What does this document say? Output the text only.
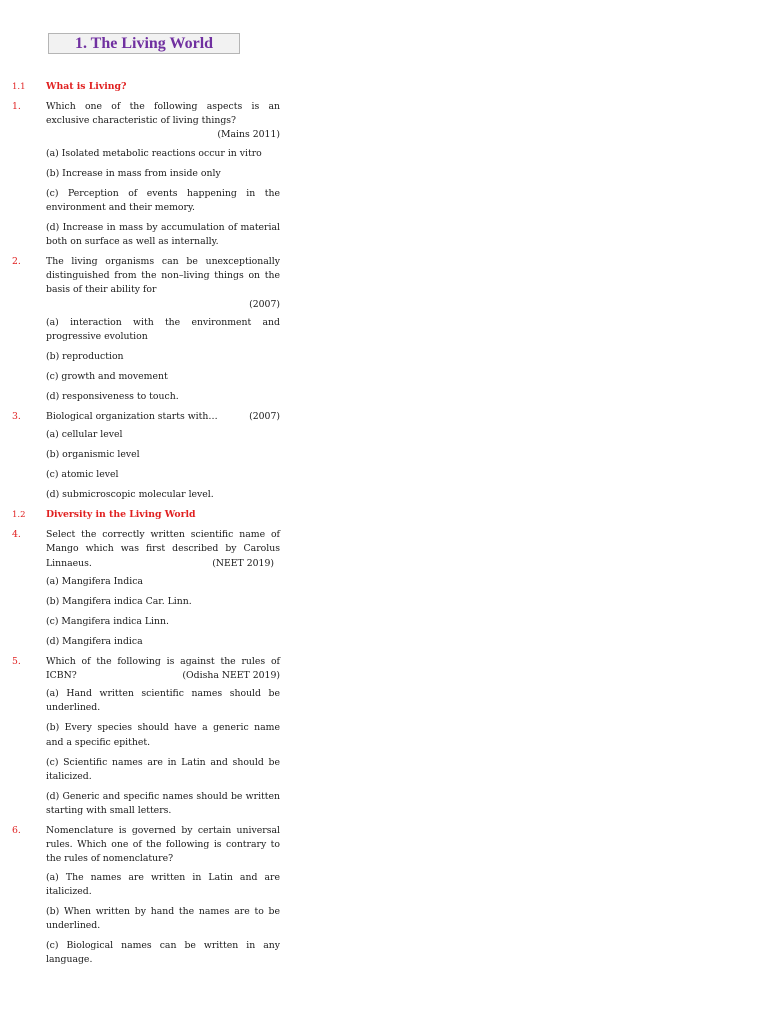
1. The Living World
1.1 What is Living?
1.	Which one of the following aspects is an exclusive characteristic of living things?
(Mains 2011)
(a) Isolated metabolic reactions occur in vitro
(b) Increase in mass from inside only
(c) Perception of events happening in the environment and their memory.
(d) Increase in mass by accumulation of material both on surface as well as internally.
2.	The living organisms can be unexceptionally distinguished from the non–living things on the basis of their ability for
(2007)
(a) interaction with the environment and progressive evolution
(b) reproduction
(c) growth and movement
(d) responsiveness to touch.
3.	Biological organization starts with…	(2007)
(a) cellular level
(b) organismic level
(c) atomic level
(d) submicroscopic molecular level.
1.2 Diversity in the Living World
4.	Select the correctly written scientific name of Mango which was first described by Carolus Linnaeus.	(NEET 2019)
(a) Mangifera Indica
(b) Mangifera indica Car. Linn.
(c) Mangifera indica Linn.
(d) Mangifera indica
5.	Which of the following is against the rules of ICBN?	(Odisha NEET 2019)
(a) Hand written scientific names should be underlined.
(b) Every species should have a generic name and a specific epithet.
(c) Scientific names are in Latin and should be italicized.
(d) Generic and specific names should be written starting with small letters.
6.	Nomenclature is governed by certain universal rules. Which one of the following is contrary to the rules of nomenclature?
(a) The names are written in Latin and are italicized.
(b) When written by hand the names are to be underlined.
(c) Biological names can be written in any language.
